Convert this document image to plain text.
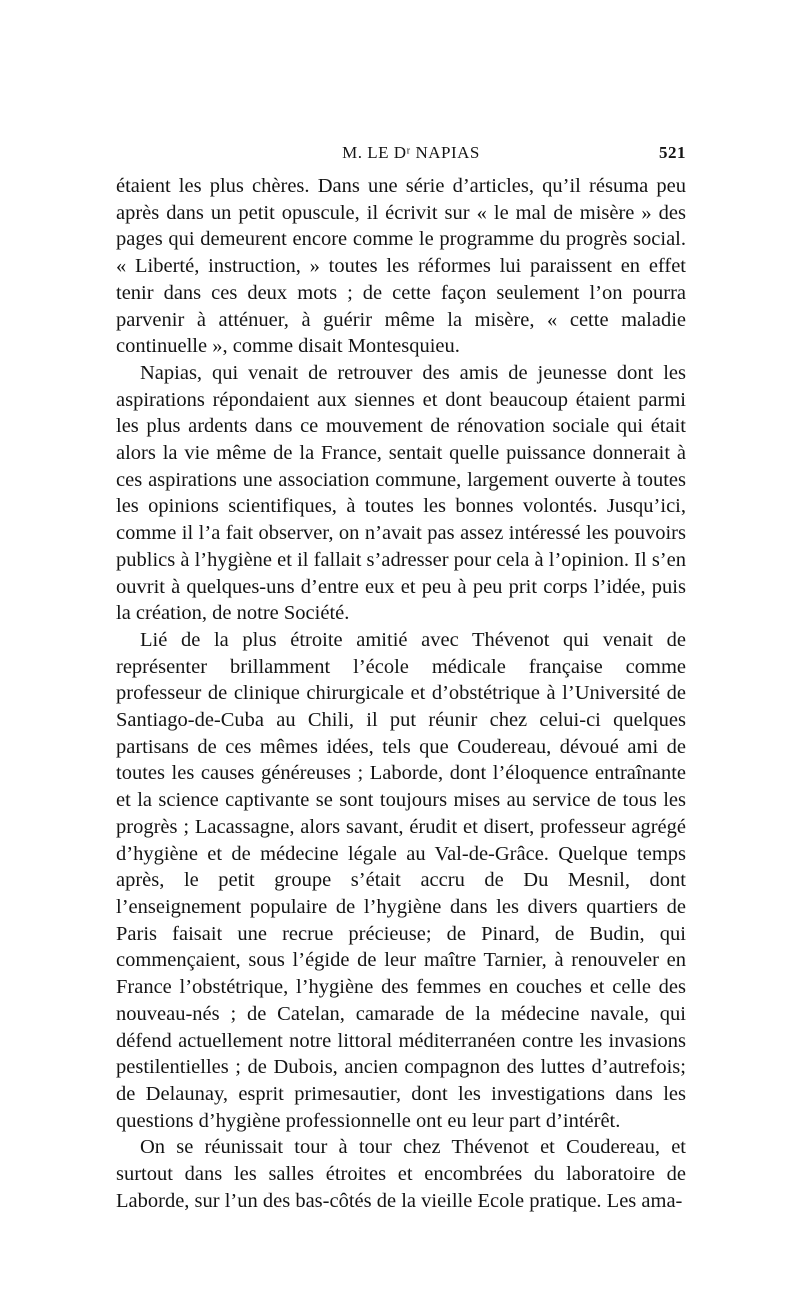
M. LE Dʳ NAPIAS	521

étaient les plus chères. Dans une série d’articles, qu’il résuma peu après dans un petit opuscule, il écrivit sur « le mal de misère » des pages qui demeurent encore comme le programme du progrès social. « Liberté, instruction, » toutes les réformes lui paraissent en effet tenir dans ces deux mots ; de cette façon seulement l’on pourra parvenir à atténuer, à guérir même la misère, « cette maladie continuelle », comme disait Montesquieu.

Napias, qui venait de retrouver des amis de jeunesse dont les aspirations répondaient aux siennes et dont beaucoup étaient parmi les plus ardents dans ce mouvement de rénovation sociale qui était alors la vie même de la France, sentait quelle puissance donnerait à ces aspirations une association commune, largement ouverte à toutes les opinions scientifiques, à toutes les bonnes volontés. Jusqu’ici, comme il l’a fait observer, on n’avait pas assez intéressé les pouvoirs publics à l’hygiène et il fallait s’adresser pour cela à l’opinion. Il s’en ouvrit à quelques-uns d’entre eux et peu à peu prit corps l’idée, puis la création, de notre Société.

Lié de la plus étroite amitié avec Thévenot qui venait de représenter brillamment l’école médicale française comme professeur de clinique chirurgicale et d’obstétrique à l’Université de Santiago-de-Cuba au Chili, il put réunir chez celui-ci quelques partisans de ces mêmes idées, tels que Coudereau, dévoué ami de toutes les causes généreuses ; Laborde, dont l’éloquence entraînante et la science captivante se sont toujours mises au service de tous les progrès ; Lacassagne, alors savant, érudit et disert, professeur agrégé d’hygiène et de médecine légale au Val-de-Grâce. Quelque temps après, le petit groupe s’était accru de Du Mesnil, dont l’enseignement populaire de l’hygiène dans les divers quartiers de Paris faisait une recrue précieuse; de Pinard, de Budin, qui commençaient, sous l’égide de leur maître Tarnier, à renouveler en France l’obstétrique, l’hygiène des femmes en couches et celle des nouveau-nés ; de Catelan, camarade de la médecine navale, qui défend actuellement notre littoral méditerranéen contre les invasions pestilentielles ; de Dubois, ancien compagnon des luttes d’autrefois; de Delaunay, esprit primesautier, dont les investigations dans les questions d’hygiène professionnelle ont eu leur part d’intérêt.

On se réunissait tour à tour chez Thévenot et Coudereau, et surtout dans les salles étroites et encombrées du laboratoire de Laborde, sur l’un des bas-côtés de la vieille Ecole pratique. Les ama-
